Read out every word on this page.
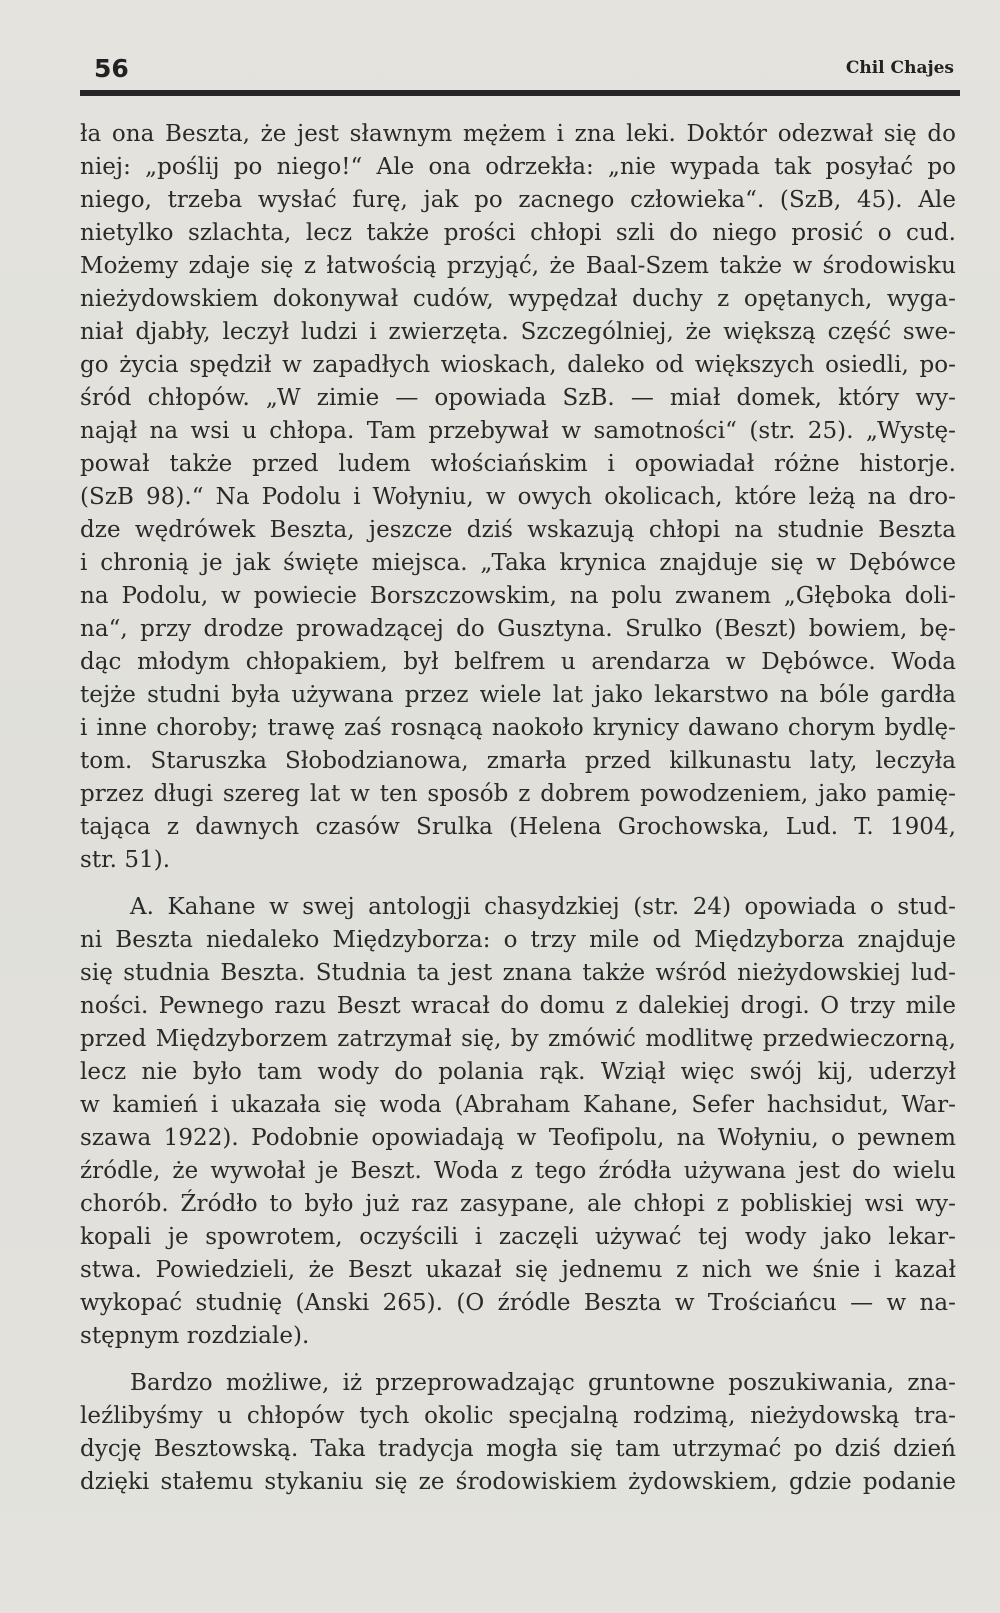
56	Chil Chajes
ła ona Beszta, że jest sławnym mężem i zna leki. Doktór odezwał się do
niej: „poślij po niego!“ Ale ona odrzekła: „nie wypada tak posyłać po
niego, trzeba wysłać furę, jak po zacnego człowieka“. (SzB, 45). Ale
nietylko szlachta, lecz także prości chłopi szli do niego prosić o cud.
Możemy zdaje się z łatwością przyjąć, że Baal-Szem także w środowisku
nieżydowskiem dokonywał cudów, wypędzał duchy z opętanych, wyga-
niał djabły, leczył ludzi i zwierzęta. Szczególniej, że większą część swe-
go życia spędził w zapadłych wioskach, daleko od większych osiedli, po-
śród chłopów. „W zimie — opowiada SzB. — miał domek, który wy-
najął na wsi u chłopa. Tam przebywał w samotności“ (str. 25). „Wystę-
pował także przed ludem włościańskim i opowiadał różne historje.
(SzB 98).“ Na Podolu i Wołyniu, w owych okolicach, które leżą na dro-
dze wędrówek Beszta, jeszcze dziś wskazują chłopi na studnie Beszta
i chronią je jak święte miejsca. „Taka krynica znajduje się w Dębówce
na Podolu, w powiecie Borszczowskim, na polu zwanem „Głęboka doli-
na“, przy drodze prowadzącej do Gusztyna. Srulko (Beszt) bowiem, bę-
dąc młodym chłopakiem, był belfrem u arendarza w Dębówce. Woda
tejże studni była używana przez wiele lat jako lekarstwo na bóle gardła
i inne choroby; trawę zaś rosnącą naokoło krynicy dawano chorym bydlę-
tom. Staruszka Słobodzianowa, zmarła przed kilkunastu laty, leczyła
przez długi szereg lat w ten sposób z dobrem powodzeniem, jako pamię-
tająca z dawnych czasów Srulka (Helena Grochowska, Lud. T. 1904,
str. 51).
A. Kahane w swej antologji chasydzkiej (str. 24) opowiada o stud-
ni Beszta niedaleko Międzyborza: o trzy mile od Międzyborza znajduje
się studnia Beszta. Studnia ta jest znana także wśród nieżydowskiej lud-
ności. Pewnego razu Beszt wracał do domu z dalekiej drogi. O trzy mile
przed Międzyborzem zatrzymał się, by zmówić modlitwę przedwieczorną,
lecz nie było tam wody do polania rąk. Wziął więc swój kij, uderzył
w kamień i ukazała się woda (Abraham Kahane, Sefer hachsidut, War-
szawa 1922). Podobnie opowiadają w Teofipolu, na Wołyniu, o pewnem
źródle, że wywołał je Beszt. Woda z tego źródła używana jest do wielu
chorób. Źródło to było już raz zasypane, ale chłopi z pobliskiej wsi wy-
kopali je spowrotem, oczyścili i zaczęli używać tej wody jako lekar-
stwa. Powiedzieli, że Beszt ukazał się jednemu z nich we śnie i kazał
wykopać studnię (Anski 265). (O źródle Beszta w Trościańcu — w na-
stępnym rozdziale).
Bardzo możliwe, iż przeprowadzając gruntowne poszukiwania, zna-
leźlibyśmy u chłopów tych okolic specjalną rodzimą, nieżydowską tra-
dycję Besztowską. Taka tradycja mogła się tam utrzymać po dziś dzień
dzięki stałemu stykaniu się ze środowiskiem żydowskiem, gdzie podanie
